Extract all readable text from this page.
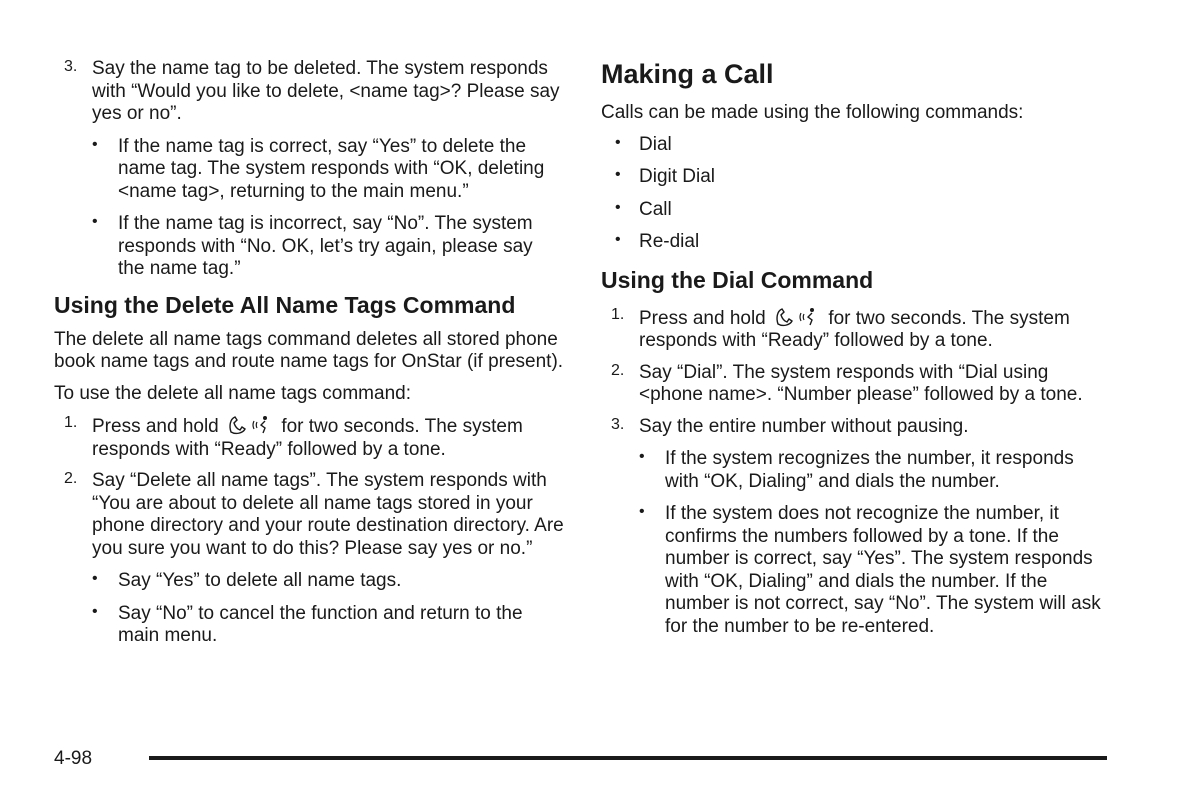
3. Say the name tag to be deleted. The system responds with “Would you like to delete, <name tag>? Please say yes or no”.

• If the name tag is correct, say “Yes” to delete the name tag. The system responds with “OK, deleting <name tag>, returning to the main menu.”

• If the name tag is incorrect, say “No”. The system responds with “No. OK, let’s try again, please say the name tag.”

Using the Delete All Name Tags Command

The delete all name tags command deletes all stored phone book name tags and route name tags for OnStar (if present).

To use the delete all name tags command:

1. Press and hold	for two seconds. The system responds with “Ready” followed by a tone.

2. Say “Delete all name tags”. The system responds with “You are about to delete all name tags stored in your phone directory and your route destination directory. Are you sure you want to do this? Please say yes or no.”

• Say “Yes” to delete all name tags.

• Say “No” to cancel the function and return to the main menu.

Making a Call

Calls can be made using the following commands:

• Dial

• Digit Dial

• Call

• Re-dial

Using the Dial Command
1. Press and hold	for two seconds. The system responds with “Ready” followed by a tone.

2. Say “Dial”. The system responds with “Dial using <phone name>. “Number please” followed by a tone.

3. Say the entire number without pausing.

• If the system recognizes the number, it responds with “OK, Dialing” and dials the number.

• If the system does not recognize the number, it confirms the numbers followed by a tone. If the number is correct, say “Yes”. The system responds with “OK, Dialing” and dials the number. If the number is not correct, say “No”. The system will ask for the number to be re-entered.

4-98
